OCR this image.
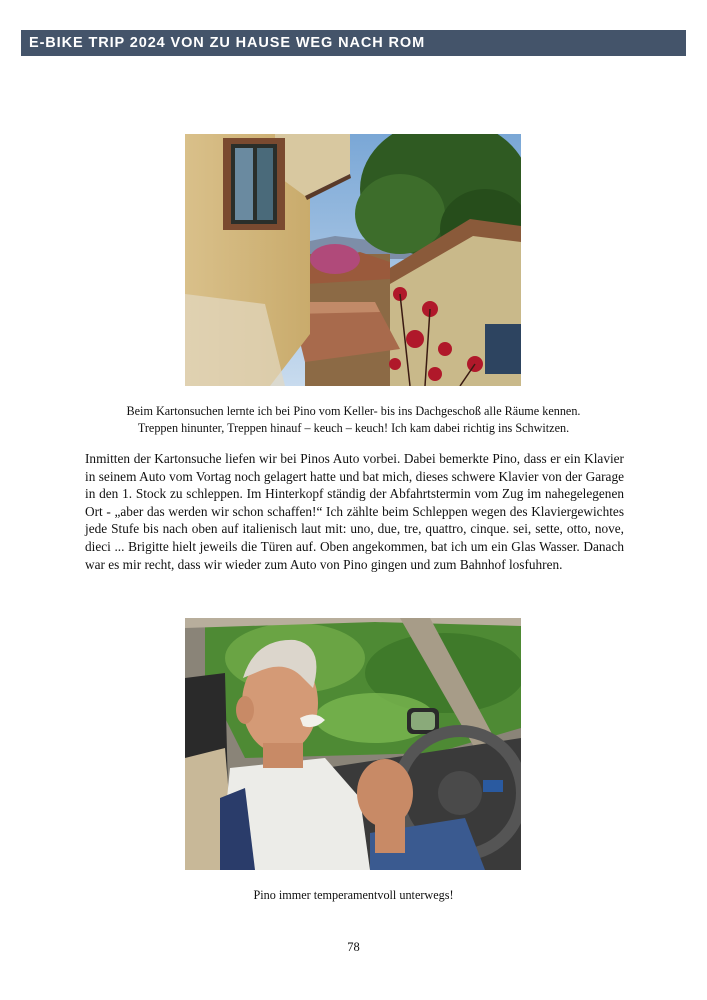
E-BIKE TRIP 2024 VON ZU HAUSE WEG NACH ROM
Beim Kartonsuchen lernte ich bei Pino vom Keller- bis ins Dachgeschoß alle Räume kennen.
Treppen hinunter, Treppen hinauf – keuch – keuch! Ich kam dabei richtig ins Schwitzen.

Inmitten der Kartonsuche liefen wir bei Pinos Auto vorbei. Dabei bemerkte Pino, dass er ein Klavier in seinem Auto vom Vortag noch gelagert hatte und bat mich, dieses schwere Klavier von der Garage in den 1. Stock zu schleppen. Im Hinterkopf ständig der Abfahrtstermin vom Zug im nahegelegenen Ort - „aber das werden wir schon schaffen!“ Ich zählte beim Schleppen wegen des Klaviergewichtes jede Stufe bis nach oben auf italienisch laut mit: uno, due, tre, quattro, cinque. sei, sette, otto, nove, dieci ... Brigitte hielt jeweils die Türen auf. Oben angekommen, bat ich um ein Glas Wasser. Danach war es mir recht, dass wir wieder zum Auto von Pino gingen und zum Bahnhof losfuhren.

Pino immer temperamentvoll unterwegs!
78
